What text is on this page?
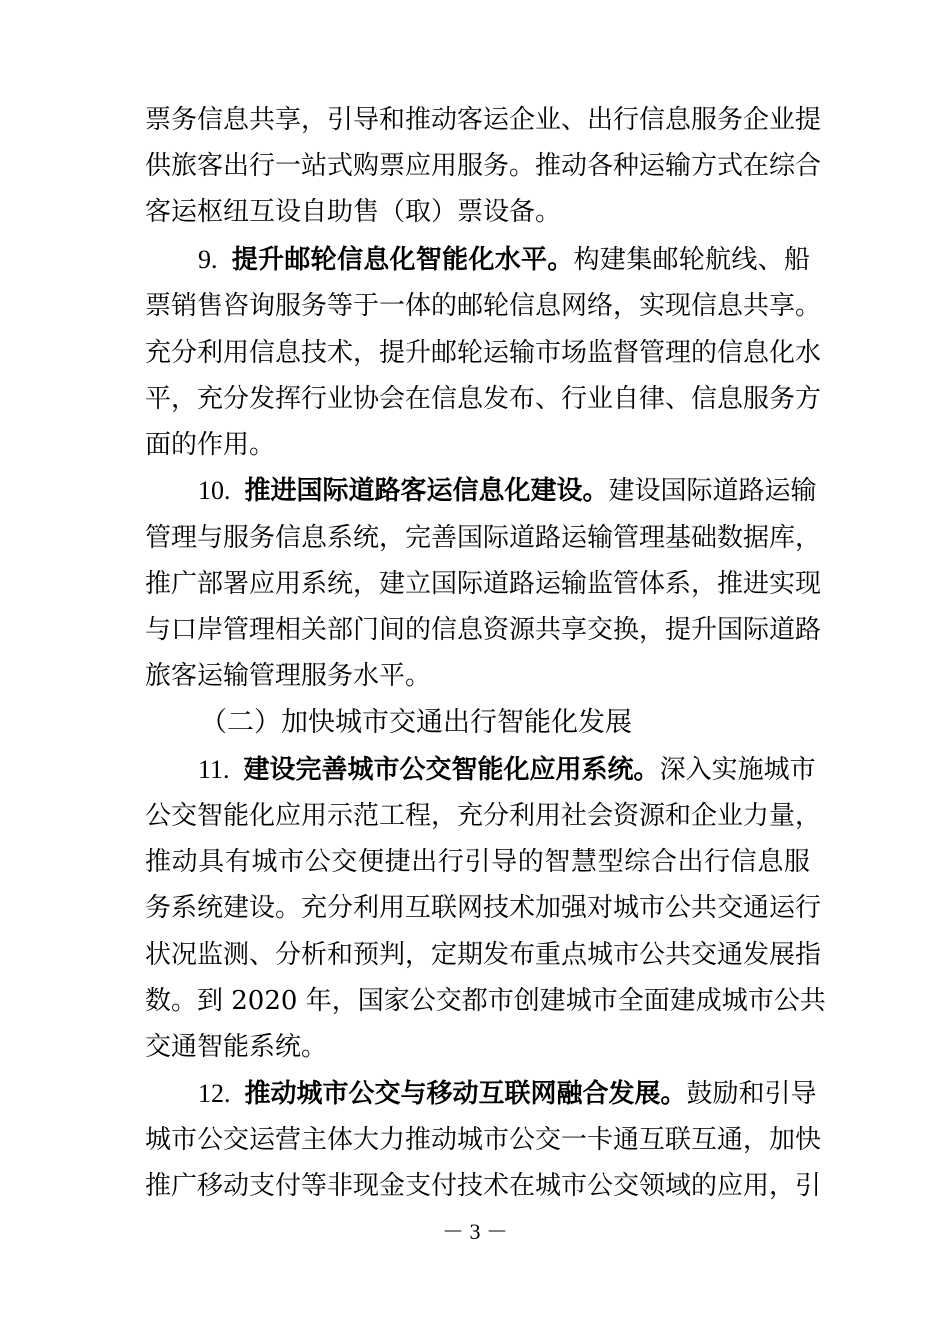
票务信息共享，引导和推动客运企业、出行信息服务企业提
供旅客出行一站式购票应用服务。推动各种运输方式在综合
客运枢纽互设自助售（取）票设备。
9. 提升邮轮信息化智能化水平。构建集邮轮航线、船
票销售咨询服务等于一体的邮轮信息网络，实现信息共享。
充分利用信息技术，提升邮轮运输市场监督管理的信息化水
平，充分发挥行业协会在信息发布、行业自律、信息服务方
面的作用。
10. 推进国际道路客运信息化建设。建设国际道路运输
管理与服务信息系统，完善国际道路运输管理基础数据库，
推广部署应用系统，建立国际道路运输监管体系，推进实现
与口岸管理相关部门间的信息资源共享交换，提升国际道路
旅客运输管理服务水平。
（二）加快城市交通出行智能化发展
11. 建设完善城市公交智能化应用系统。深入实施城市
公交智能化应用示范工程，充分利用社会资源和企业力量，
推动具有城市公交便捷出行引导的智慧型综合出行信息服
务系统建设。充分利用互联网技术加强对城市公共交通运行
状况监测、分析和预判，定期发布重点城市公共交通发展指
数。到 2020 年，国家公交都市创建城市全面建成城市公共
交通智能系统。
12. 推动城市公交与移动互联网融合发展。鼓励和引导
城市公交运营主体大力推动城市公交一卡通互联互通，加快
推广移动支付等非现金支付技术在城市公交领域的应用，引
－ 3 －
